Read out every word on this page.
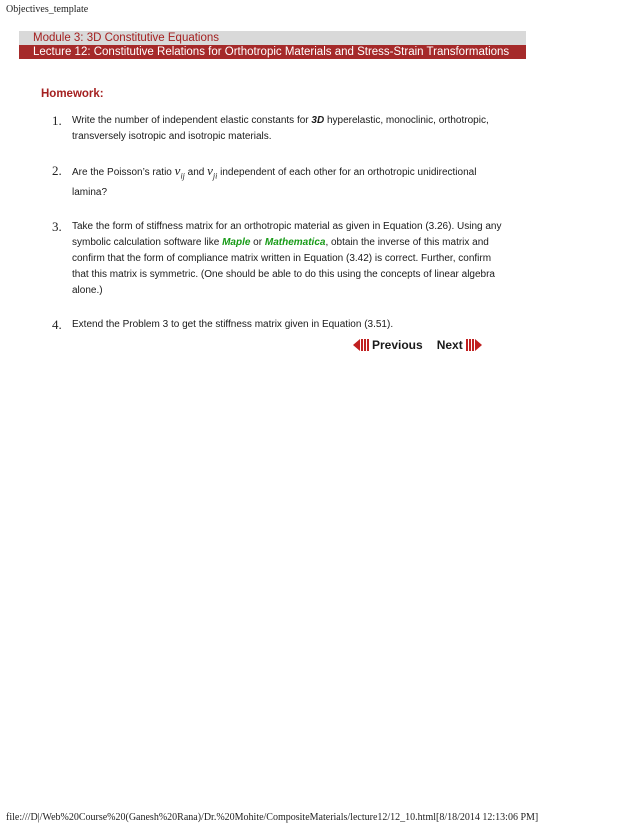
Objectives_template
Module 3: 3D Constitutive Equations
Lecture 12: Constitutive Relations for Orthotropic Materials and Stress-Strain Transformations
Homework:
1. Write the number of independent elastic constants for 3D hyperelastic, monoclinic, orthotropic, transversely isotropic and isotropic materials.
2. Are the Poisson’s ratio $\nu_{ij}$ and $\nu_{ji}$ independent of each other for an orthotropic unidirectional lamina?
3. Take the form of stiffness matrix for an orthotropic material as given in Equation (3.26). Using any symbolic calculation software like Maple or Mathematica, obtain the inverse of this matrix and confirm that the form of compliance matrix written in Equation (3.42) is correct. Further, confirm that this matrix is symmetric. (One should be able to do this using the concepts of linear algebra alone.)
4. Extend the Problem 3 to get the stiffness matrix given in Equation (3.51).
Previous Next
file:///D|/Web%20Course%20(Ganesh%20Rana)/Dr.%20Mohite/CompositeMaterials/lecture12/12_10.html[8/18/2014 12:13:06 PM]
